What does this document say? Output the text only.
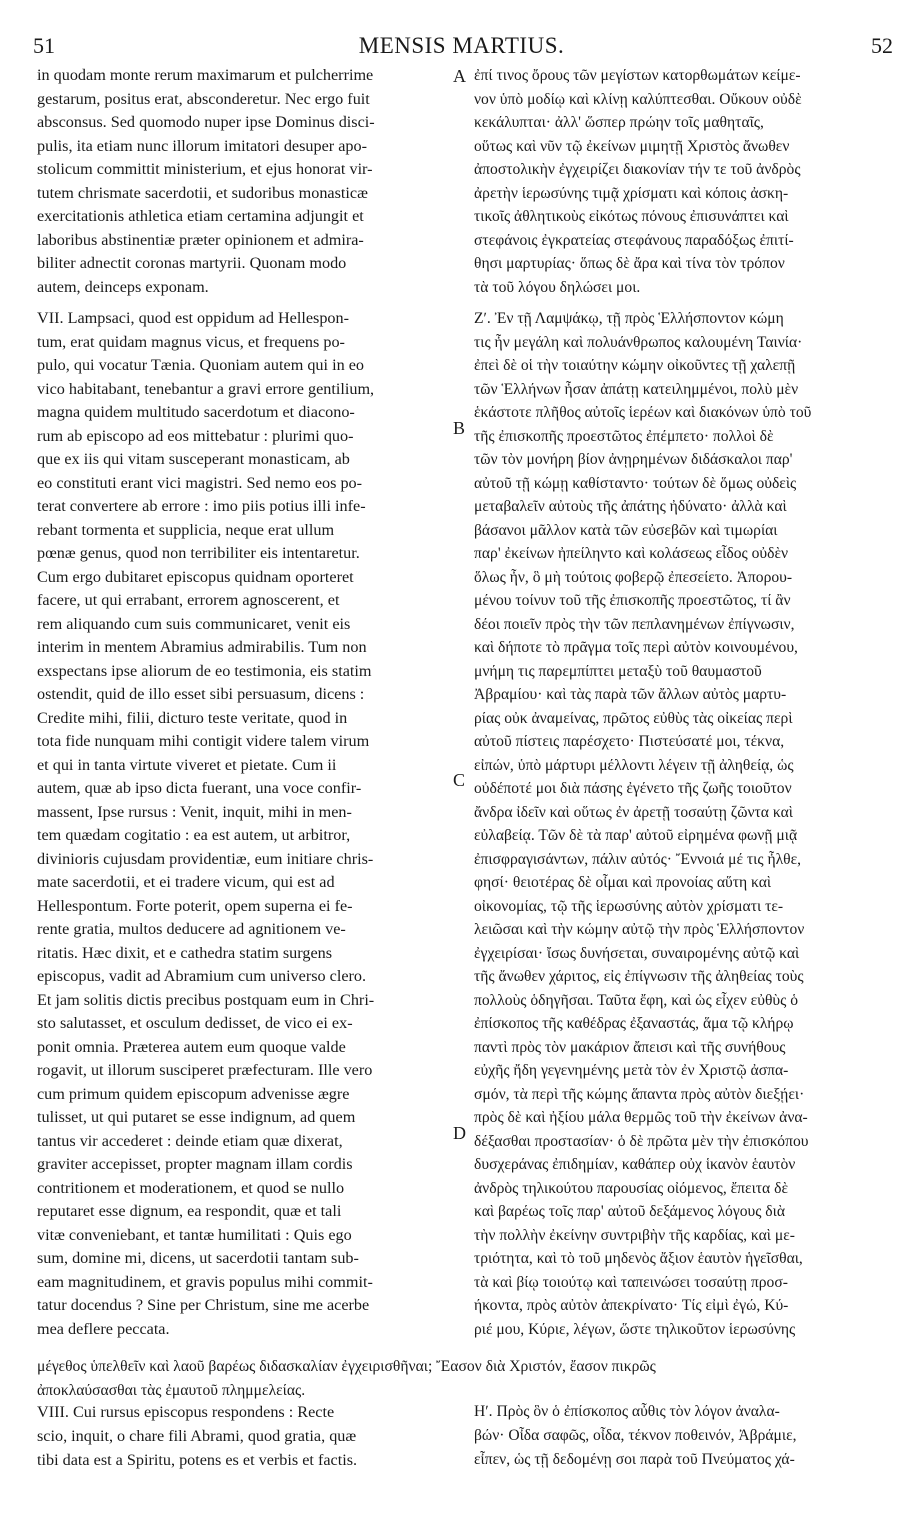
51	MENSIS MARTIUS.	52
in quodam monte rerum maximarum et pulcherrime
gestarum, positus erat, absconderetur. Nec ergo fuit
absconsus. Sed quomodo nuper ipse Dominus disci-
pulis, ita etiam nunc illorum imitatori desuper apo-
stolicum committit ministerium, et ejus honorat vir-
tutem chrismate sacerdotii, et sudoribus monasticæ
exercitationis athletica etiam certamina adjungit et
laboribus abstinentiæ præter opinionem et admira-
biliter adnectit coronas martyrii. Quonam modo
autem, deinceps exponam.
VII. Lampsaci, quod est oppidum ad Hellespon-
tum, erat quidam magnus vicus, et frequens po-
pulo, qui vocatur Tænia. Quoniam autem qui in eo
vico habitabant, tenebantur a gravi errore gentilium,
magna quidem multitudo sacerdotum et diacono-
rum ab episcopo ad eos mittebatur : plurimi quo-
que ex iis qui vitam susceperant monasticam, ab
eo constituti erant vici magistri. Sed nemo eos po-
terat convertere ab errore : imo piis potius illi infe-
rebant tormenta et supplicia, neque erat ullum
pœnæ genus, quod non terribiliter eis intentaretur.
Cum ergo dubitaret episcopus quidnam oporteret
facere, ut qui errabant, errorem agnoscerent, et
rem aliquando cum suis communicaret, venit eis
interim in mentem Abramius admirabilis. Tum non
exspectans ipse aliorum de eo testimonia, eis statim
ostendit, quid de illo esset sibi persuasum, dicens :
Credite mihi, filii, dicturo teste veritate, quod in
tota fide nunquam mihi contigit videre talem virum
et qui in tanta virtute viveret et pietate. Cum ii
autem, quæ ab ipso dicta fuerant, una voce confir-
massent, Ipse rursus : Venit, inquit, mihi in men-
tem quædam cogitatio : ea est autem, ut arbitror,
divinioris cujusdam providentiæ, eum initiare chris-
mate sacerdotii, et ei tradere vicum, qui est ad
Hellespontum. Forte poterit, opem superna ei fe-
rente gratia, multos deducere ad agnitionem ve-
ritatis. Hæc dixit, et e cathedra statim surgens
episcopus, vadit ad Abramium cum universo clero.
Et jam solitis dictis precibus postquam eum in Chri-
sto salutasset, et osculum dedisset, de vico ei ex-
ponit omnia. Præterea autem eum quoque valde
rogavit, ut illorum susciperet præfecturam. Ille vero
cum primum quidem episcopum advenisse ægre
tulisset, ut qui putaret se esse indignum, ad quem
tantus vir accederet : deinde etiam quæ dixerat,
graviter accepisset, propter magnam illam cordis
contritionem et moderationem, et quod se nullo
reputaret esse dignum, ea respondit, quæ et tali
vitæ conveniebant, et tantæ humilitati : Quis ego
sum, domine mi, dicens, ut sacerdotii tantam sub-
eam magnitudinem, et gravis populus mihi commit-
tatur docendus ? Sine per Christum, sine me acerbe
mea deflere peccata.
ἐπί τινος ὄρους τῶν μεγίστων κατορθωμάτων κείμε-
νον ὑπὸ μοδίῳ καὶ κλίνῃ καλύπτεσθαι. Οὔκουν οὐδὲ
κεκάλυπται· ἀλλ' ὥσπερ πρώην τοῖς μαθηταῖς,
οὕτως καὶ νῦν τῷ ἐκείνων μιμητῇ Χριστὸς ἄνωθεν
ἀποστολικὴν ἐγχειρίζει διακονίαν τήν τε τοῦ ἀνδρὸς
ἀρετὴν ἱερωσύνης τιμᾷ χρίσματι καὶ κόποις ἀσκη-
τικοῖς ἀθλητικοὺς εἰκότως πόνους ἐπισυνάπτει καὶ
στεφάνοις ἐγκρατείας στεφάνους παραδόξως ἐπιτί-
θησι μαρτυρίας· ὅπως δὲ ἄρα καὶ τίνα τὸν τρόπον
τὰ τοῦ λόγου δηλώσει μοι.
Ζʹ. Ἐν τῇ Λαμψάκῳ, τῇ πρὸς Ἑλλήσποντον κώμη
τις ἦν μεγάλη καὶ πολυάνθρωπος καλουμένη Ταινία·
ἐπεὶ δὲ οἱ τὴν τοιαύτην κώμην οἰκοῦντες τῇ χαλεπῇ
τῶν Ἑλλήνων ἦσαν ἀπάτῃ κατειλημμένοι, πολὺ μὲν
ἑκάστοτε πλῆθος αὐτοῖς ἱερέων καὶ διακόνων ὑπὸ τοῦ
τῆς ἐπισκοπῆς προεστῶτος ἐπέμπετο· πολλοὶ δὲ
τῶν τὸν μονήρη βίον ἀνῃρημένων διδάσκαλοι παρ'
αὐτοῦ τῇ κώμῃ καθίσταντο· τούτων δὲ ὅμως οὐδεὶς
μεταβαλεῖν αὐτοὺς τῆς ἀπάτης ἠδύνατο· ἀλλὰ καὶ
βάσανοι μᾶλλον κατὰ τῶν εὐσεβῶν καὶ τιμωρίαι
παρ' ἐκείνων ἠπείληντο καὶ κολάσεως εἶδος οὐδὲν
ὅλως ἦν, ὃ μὴ τούτοις φοβερῷ ἐπεσείετο. Ἀπορου-
μένου τοίνυν τοῦ τῆς ἐπισκοπῆς προεστῶτος, τί ἂν
δέοι ποιεῖν πρὸς τὴν τῶν πεπλανημένων ἐπίγνωσιν,
καὶ δήποτε τὸ πρᾶγμα τοῖς περὶ αὐτὸν κοινουμένου,
μνήμη τις παρεμπίπτει μεταξὺ τοῦ θαυμαστοῦ
Ἀβραμίου· καὶ τὰς παρὰ τῶν ἄλλων αὐτὸς μαρτυ-
ρίας οὐκ ἀναμείνας, πρῶτος εὐθὺς τὰς οἰκείας περὶ
αὐτοῦ πίστεις παρέσχετο· Πιστεύσατέ μοι, τέκνα,
εἰπών, ὑπὸ μάρτυρι μέλλοντι λέγειν τῇ ἀληθείᾳ, ὡς
οὐδέποτέ μοι διὰ πάσης ἐγένετο τῆς ζωῆς τοιοῦτον
ἄνδρα ἰδεῖν καὶ οὕτως ἐν ἀρετῇ τοσαύτῃ ζῶντα καὶ
εὐλαβείᾳ. Τῶν δὲ τὰ παρ' αὐτοῦ εἰρημένα φωνῇ μιᾷ
ἐπισφραγισάντων, πάλιν αὐτός· Ἔννοιά μέ τις ἦλθε,
φησί· θειοτέρας δὲ οἶμαι καὶ προνοίας αὕτη καὶ
οἰκονομίας, τῷ τῆς ἱερωσύνης αὐτὸν χρίσματι τε-
λειῶσαι καὶ τὴν κώμην αὐτῷ τὴν πρὸς Ἑλλήσποντον
ἐγχειρίσαι· ἴσως δυνήσεται, συναιρομένης αὐτῷ καὶ
τῆς ἄνωθεν χάριτος, εἰς ἐπίγνωσιν τῆς ἀληθείας τοὺς
πολλοὺς ὁδηγῆσαι. Ταῦτα ἔφη, καὶ ὡς εἶχεν εὐθὺς ὁ
ἐπίσκοπος τῆς καθέδρας ἐξαναστάς, ἅμα τῷ κλήρῳ
παντὶ πρὸς τὸν μακάριον ἄπεισι καὶ τῆς συνήθους
εὐχῆς ἤδη γεγενημένης μετὰ τὸν ἐν Χριστῷ ἀσπα-
σμόν, τὰ περὶ τῆς κώμης ἅπαντα πρὸς αὐτὸν διεξῄει·
πρὸς δὲ καὶ ἠξίου μάλα θερμῶς τοῦ τὴν ἐκείνων ἀνα-
δέξασθαι προστασίαν· ὁ δὲ πρῶτα μὲν τὴν ἐπισκόπου
δυσχεράνας ἐπιδημίαν, καθάπερ οὐχ ἱκανὸν ἑαυτὸν
ἀνδρὸς τηλικούτου παρουσίας οἰόμενος, ἔπειτα δὲ
καὶ βαρέως τοῖς παρ' αὐτοῦ δεξάμενος λόγους διὰ
τὴν πολλὴν ἐκείνην συντριβὴν τῆς καρδίας, καὶ με-
τριότητα, καὶ τὸ τοῦ μηδενὸς ἄξιον ἑαυτὸν ἡγεῖσθαι,
τὰ καὶ βίῳ τοιούτῳ καὶ ταπεινώσει τοσαύτῃ προσ-
ήκοντα, πρὸς αὐτὸν ἀπεκρίνατο· Τίς εἰμὶ ἐγώ, Κύ-
ριέ μου, Κύριε, λέγων, ὥστε τηλικοῦτον ἱερωσύνης
A
B
C
D
μέγεθος ὑπελθεῖν καὶ λαοῦ βαρέως διδασκαλίαν ἐγχειρισθῆναι; Ἔασον διὰ Χριστόν, ἔασον πικρῶς
ἀποκλαύσασθαι τὰς ἐμαυτοῦ πλημμελείας.
VIII. Cui rursus episcopus respondens : Recte
scio, inquit, o chare fili Abrami, quod gratia, quæ
tibi data est a Spiritu, potens es et verbis et factis.
Ηʹ. Πρὸς ὃν ὁ ἐπίσκοπος αὖθις τὸν λόγον ἀναλα-
βών· Οἶδα σαφῶς, οἶδα, τέκνον ποθεινόν, Ἀβράμιε,
εἶπεν, ὡς τῇ δεδομένῃ σοι παρὰ τοῦ Πνεύματος χά-
